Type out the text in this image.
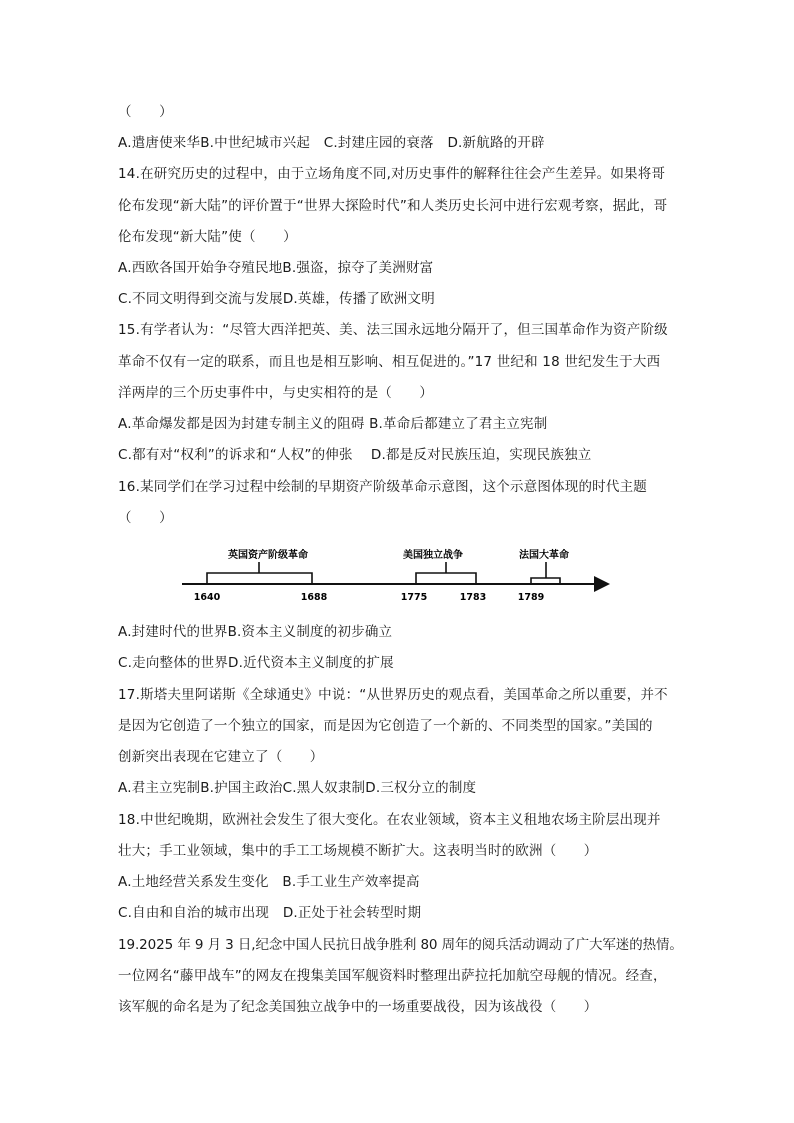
（　　）
A.遣唐使来华B.中世纪城市兴起　C.封建庄园的衰落　D.新航路的开辟
14.在研究历史的过程中，由于立场角度不同,对历史事件的解释往往会产生差异。如果将哥
伦布发现“新大陆”的评价置于“世界大探险时代”和人类历史长河中进行宏观考察，据此，哥
伦布发现“新大陆”使（　　）
A.西欧各国开始争夺殖民地B.强盗，掠夺了美洲财富
C.不同文明得到交流与发展D.英雄，传播了欧洲文明
15.有学者认为：“尽管大西洋把英、美、法三国永远地分隔开了，但三国革命作为资产阶级
革命不仅有一定的联系，而且也是相互影响、相互促进的。”17 世纪和 18 世纪发生于大西
洋两岸的三个历史事件中，与史实相符的是（　　）
A.革命爆发都是因为封建专制主义的阻碍 B.革命后都建立了君主立宪制
C.都有对“权利”的诉求和“人权”的伸张　 D.都是反对民族压迫，实现民族独立
16.某同学们在学习过程中绘制的早期资产阶级革命示意图，这个示意图体现的时代主题
（　　）
英国资产阶级革命
1640	1688
美国独立战争
1775	1783
法国大革命
1789
A.封建时代的世界B.资本主义制度的初步确立
C.走向整体的世界D.近代资本主义制度的扩展
17.斯塔夫里阿诺斯《全球通史》中说：“从世界历史的观点看，美国革命之所以重要，并不
是因为它创造了一个独立的国家，而是因为它创造了一个新的、不同类型的国家。”美国的
创新突出表现在它建立了（　　）
A.君主立宪制B.护国主政治C.黑人奴隶制D.三权分立的制度
18.中世纪晚期，欧洲社会发生了很大变化。在农业领域，资本主义租地农场主阶层出现并
壮大；手工业领域，集中的手工工场规模不断扩大。这表明当时的欧洲（　　）
A.土地经营关系发生变化　B.手工业生产效率提高
C.自由和自治的城市出现　D.正处于社会转型时期
19.2025 年 9 月 3 日,纪念中国人民抗日战争胜利 80 周年的阅兵活动调动了广大军迷的热情。
一位网名“藤甲战车”的网友在搜集美国军舰资料时整理出萨拉托加航空母舰的情况。经查，
该军舰的命名是为了纪念美国独立战争中的一场重要战役，因为该战役（　　）
